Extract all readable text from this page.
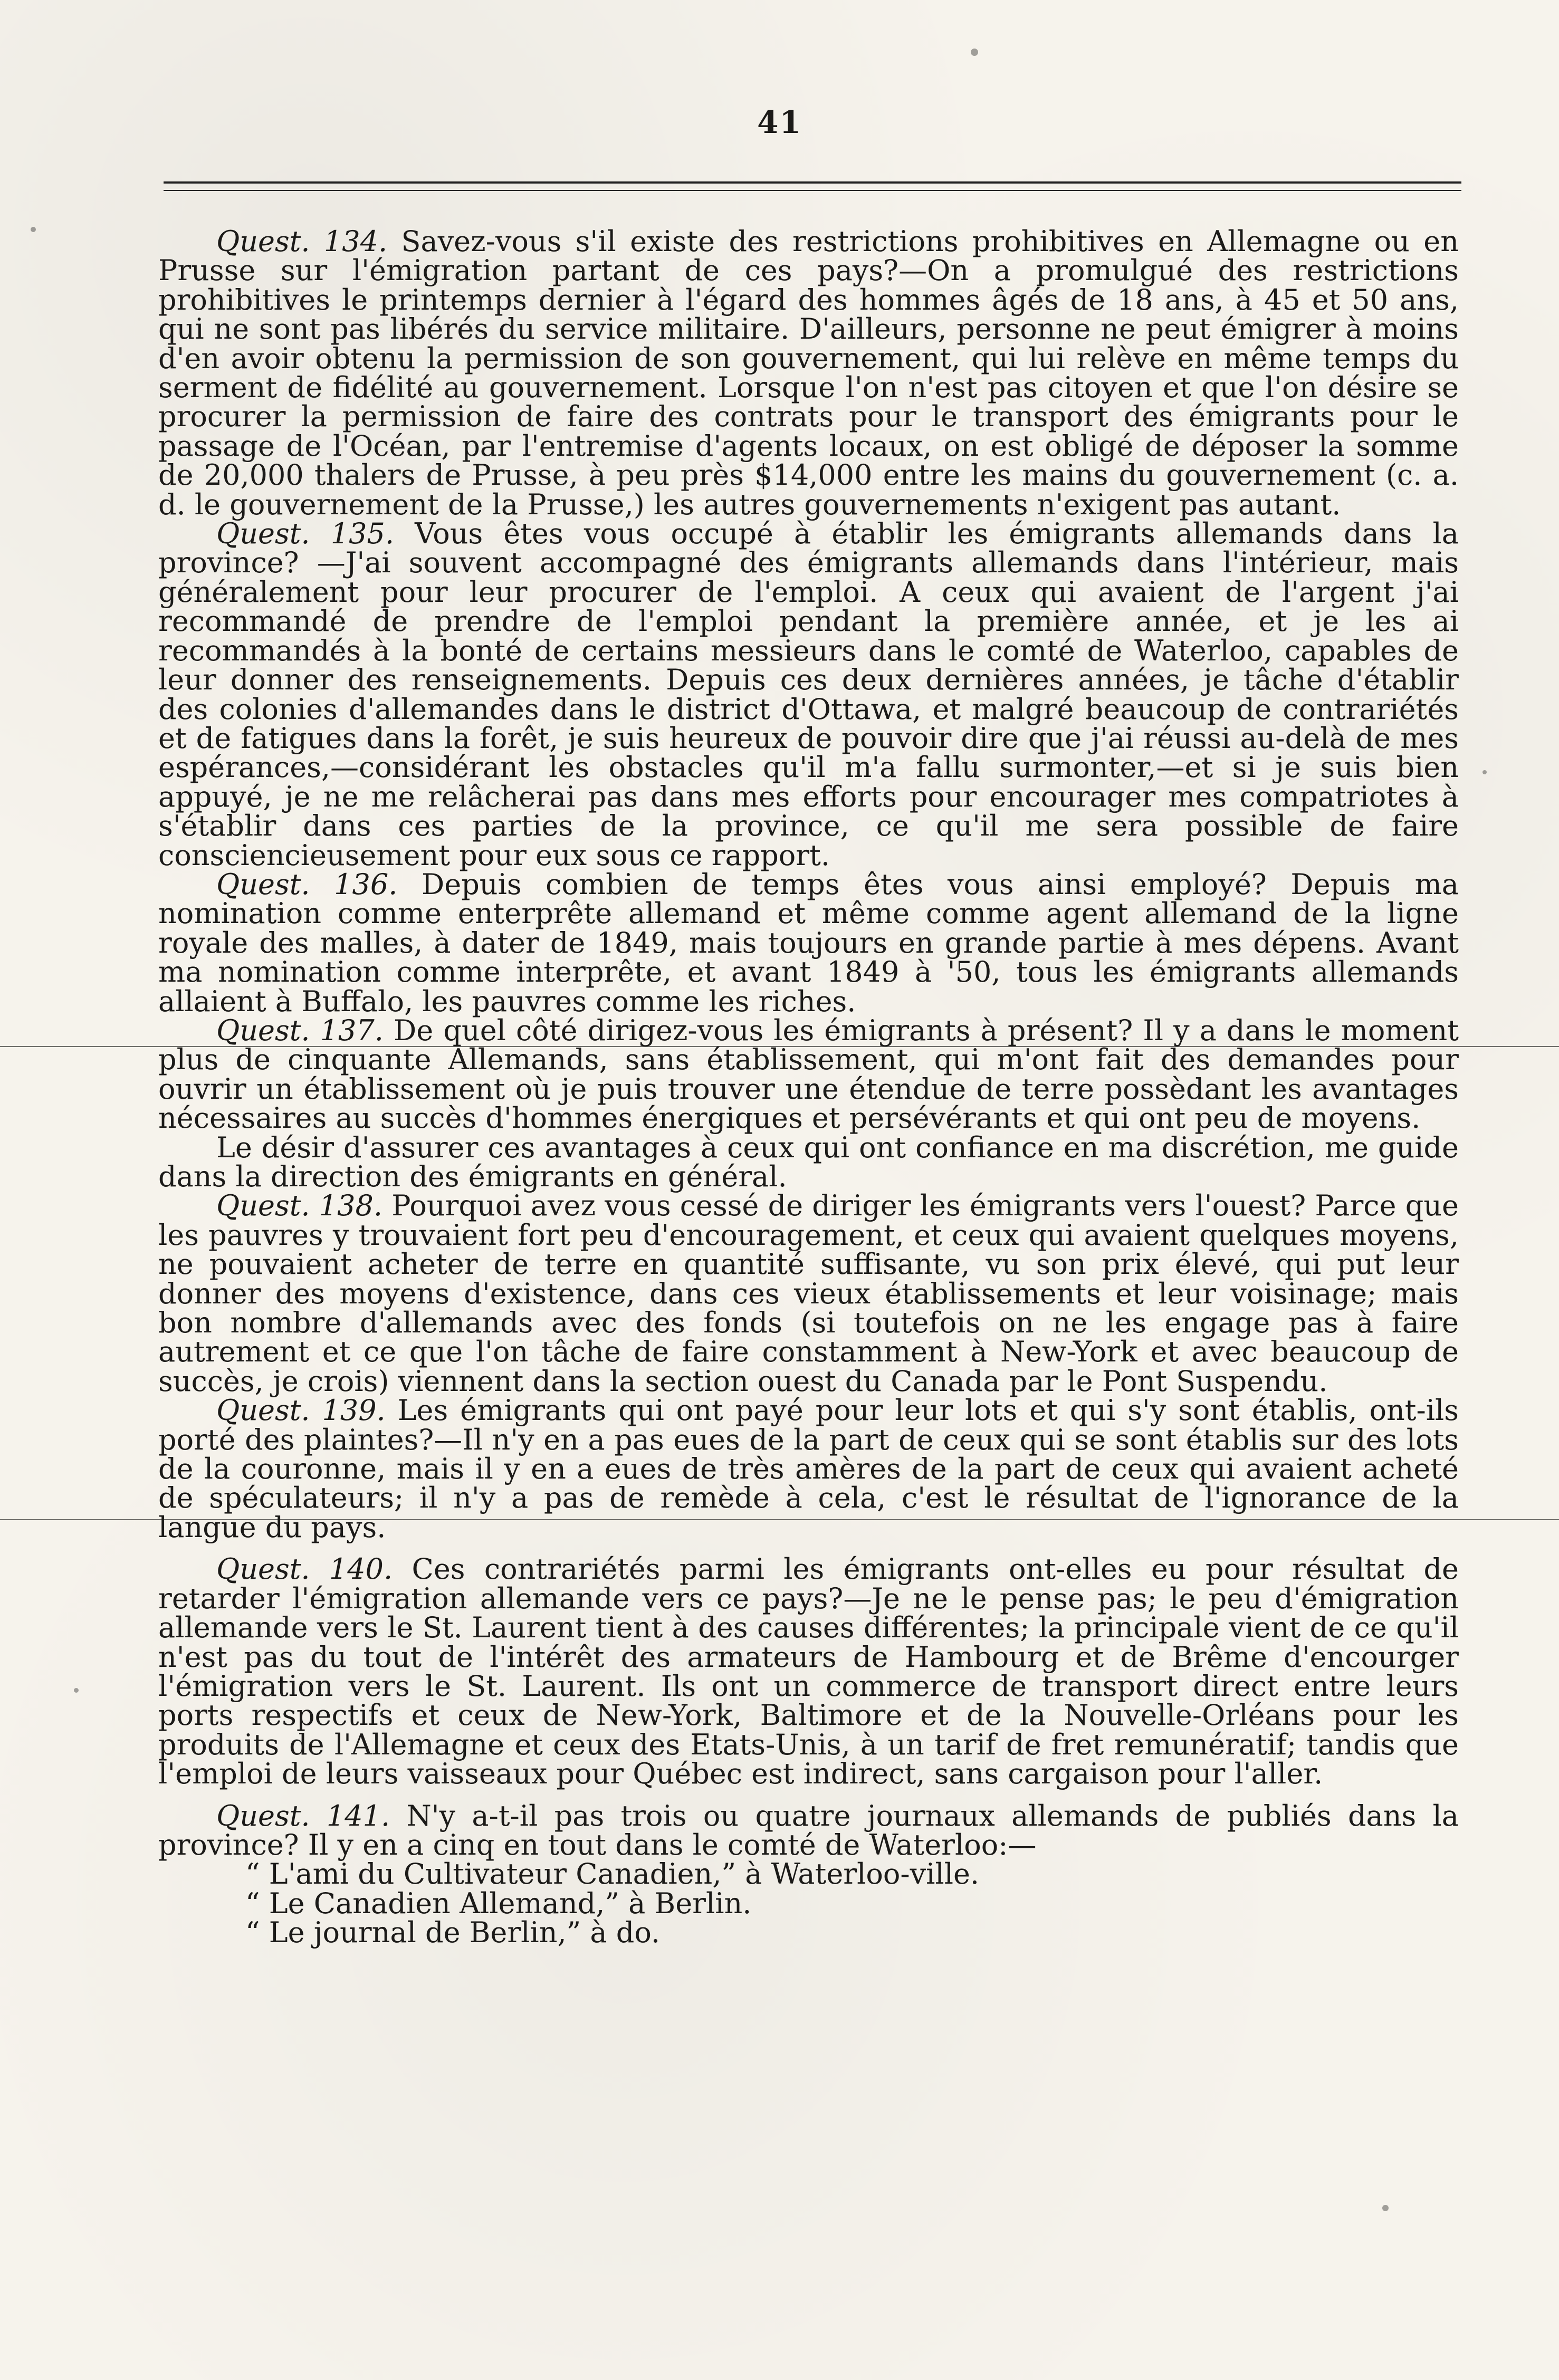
41

Quest. 134. Savez-vous s'il existe des restrictions prohibitives en Allemagne ou en Prusse sur l'émigration partant de ces pays?—On a promulgué des restrictions prohibitives le printemps dernier à l'égard des hommes âgés de 18 ans, à 45 et 50 ans, qui ne sont pas libérés du service militaire. D'ailleurs, personne ne peut émigrer à moins d'en avoir obtenu la permission de son gouvernement, qui lui relève en même temps du serment de fidélité au gouvernement. Lorsque l'on n'est pas citoyen et que l'on désire se procurer la permission de faire des contrats pour le transport des émigrants pour le passage de l'Océan, par l'entremise d'agents locaux, on est obligé de déposer la somme de 20,000 thalers de Prusse, à peu près $14,000 entre les mains du gouvernement (c. a. d. le gouvernement de la Prusse,) les autres gouvernements n'exigent pas autant.

Quest. 135. Vous êtes vous occupé à établir les émigrants allemands dans la province? —J'ai souvent accompagné des émigrants allemands dans l'intérieur, mais généralement pour leur procurer de l'emploi. A ceux qui avaient de l'argent j'ai recommandé de prendre de l'emploi pendant la première année, et je les ai recommandés à la bonté de certains messieurs dans le comté de Waterloo, capables de leur donner des renseignements. Depuis ces deux dernières années, je tâche d'établir des colonies d'allemandes dans le district d'Ottawa, et malgré beaucoup de contrariétés et de fatigues dans la forêt, je suis heureux de pouvoir dire que j'ai réussi au-delà de mes espérances,—considérant les obstacles qu'il m'a fallu surmonter,—et si je suis bien appuyé, je ne me relâcherai pas dans mes efforts pour encourager mes compatriotes à s'établir dans ces parties de la province, ce qu'il me sera possible de faire consciencieusement pour eux sous ce rapport.

Quest. 136. Depuis combien de temps êtes vous ainsi employé? Depuis ma nomination comme enterprête allemand et même comme agent allemand de la ligne royale des malles, à dater de 1849, mais toujours en grande partie à mes dépens. Avant ma nomination comme interprête, et avant 1849 à '50, tous les émigrants allemands allaient à Buffalo, les pauvres comme les riches.

Quest. 137. De quel côté dirigez-vous les émigrants à présent? Il y a dans le moment plus de cinquante Allemands, sans établissement, qui m'ont fait des demandes pour ouvrir un établissement où je puis trouver une étendue de terre possèdant les avantages nécessaires au succès d'hommes énergiques et persévérants et qui ont peu de moyens.

Le désir d'assurer ces avantages à ceux qui ont confiance en ma discrétion, me guide dans la direction des émigrants en général.

Quest. 138. Pourquoi avez vous cessé de diriger les émigrants vers l'ouest? Parce que les pauvres y trouvaient fort peu d'encouragement, et ceux qui avaient quelques moyens, ne pouvaient acheter de terre en quantité suffisante, vu son prix élevé, qui put leur donner des moyens d'existence, dans ces vieux établissements et leur voisinage; mais bon nombre d'allemands avec des fonds (si toutefois on ne les engage pas à faire autrement et ce que l'on tâche de faire constamment à New-York et avec beaucoup de succès, je crois) viennent dans la section ouest du Canada par le Pont Suspendu.

Quest. 139. Les émigrants qui ont payé pour leur lots et qui s'y sont établis, ont-ils porté des plaintes?—Il n'y en a pas eues de la part de ceux qui se sont établis sur des lots de la couronne, mais il y en a eues de très amères de la part de ceux qui avaient acheté de spéculateurs; il n'y a pas de remède à cela, c'est le résultat de l'ignorance de la langue du pays.

Quest. 140. Ces contrariétés parmi les émigrants ont-elles eu pour résultat de retarder l'émigration allemande vers ce pays?—Je ne le pense pas; le peu d'émigration allemande vers le St. Laurent tient à des causes différentes; la principale vient de ce qu'il n'est pas du tout de l'intérêt des armateurs de Hambourg et de Brême d'encourger l'émigration vers le St. Laurent. Ils ont un commerce de transport direct entre leurs ports respectifs et ceux de New-York, Baltimore et de la Nouvelle-Orléans pour les produits de l'Allemagne et ceux des Etats-Unis, à un tarif de fret remunératif; tandis que l'emploi de leurs vaisseaux pour Québec est indirect, sans cargaison pour l'aller.

Quest. 141. N'y a-t-il pas trois ou quatre journaux allemands de publiés dans la province? Il y en a cinq en tout dans le comté de Waterloo:—

“ L'ami du Cultivateur Canadien,” à Waterloo-ville.
“ Le Canadien Allemand,” à Berlin.
“ Le journal de Berlin,” à do.
